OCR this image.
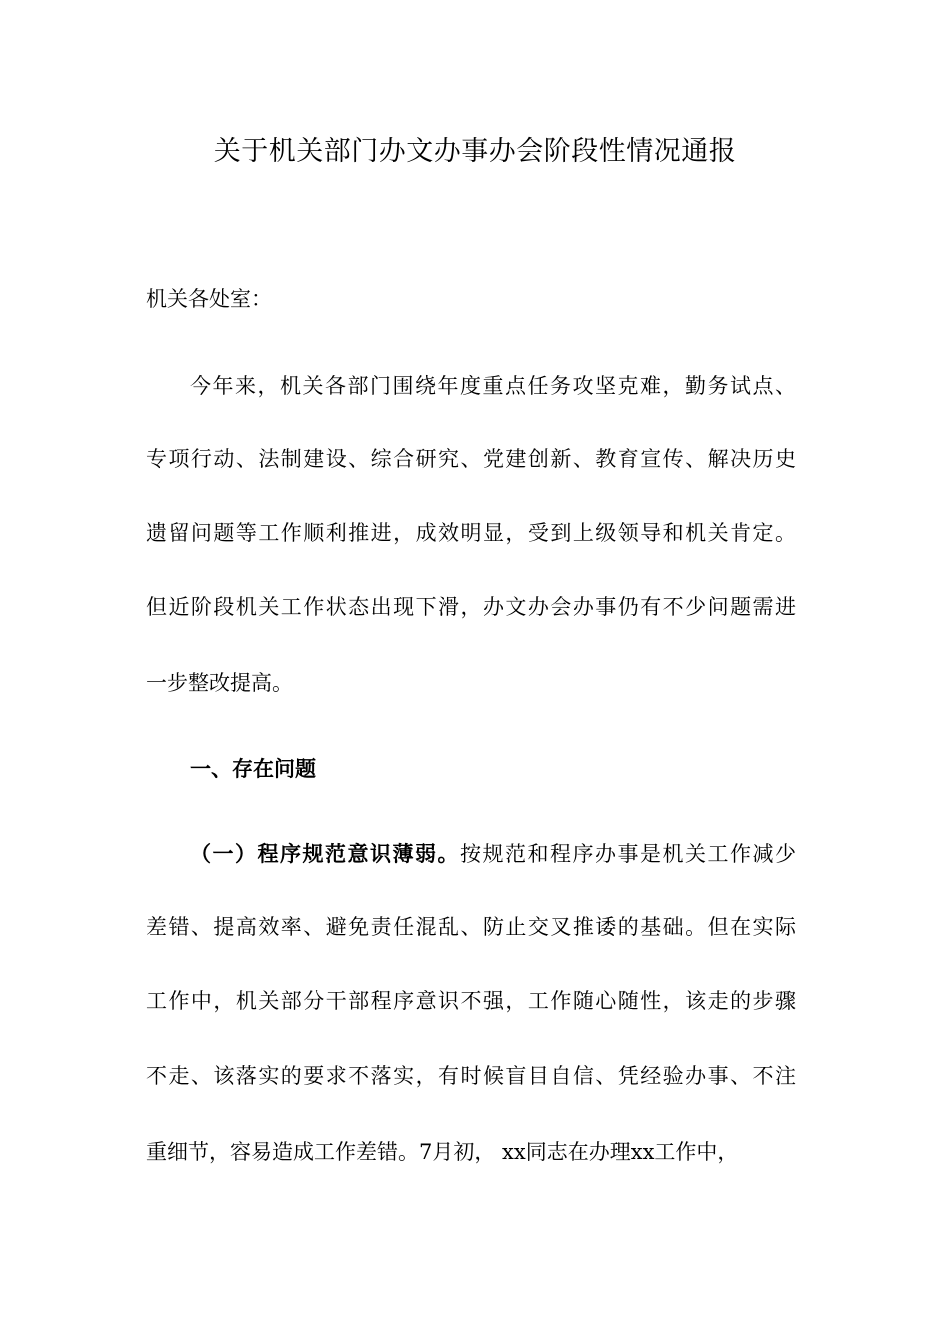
关于机关部门办文办事办会阶段性情况通报

机关各处室：

今年来，机关各部门围绕年度重点任务攻坚克难，勤务试点、

专项行动、法制建设、综合研究、党建创新、教育宣传、解决历史

遗留问题等工作顺利推进，成效明显，受到上级领导和机关肯定。

但近阶段机关工作状态出现下滑，办文办会办事仍有不少问题需进

一步整改提高。

一、存在问题

（一）程序规范意识薄弱。按规范和程序办事是机关工作减少

差错、提高效率、避免责任混乱、防止交叉推诿的基础。但在实际

工作中，机关部分干部程序意识不强，工作随心随性，该走的步骤

不走、该落实的要求不落实，有时候盲目自信、凭经验办事、不注

重细节，容易造成工作差错。7月初， xx同志在办理xx工作中，
